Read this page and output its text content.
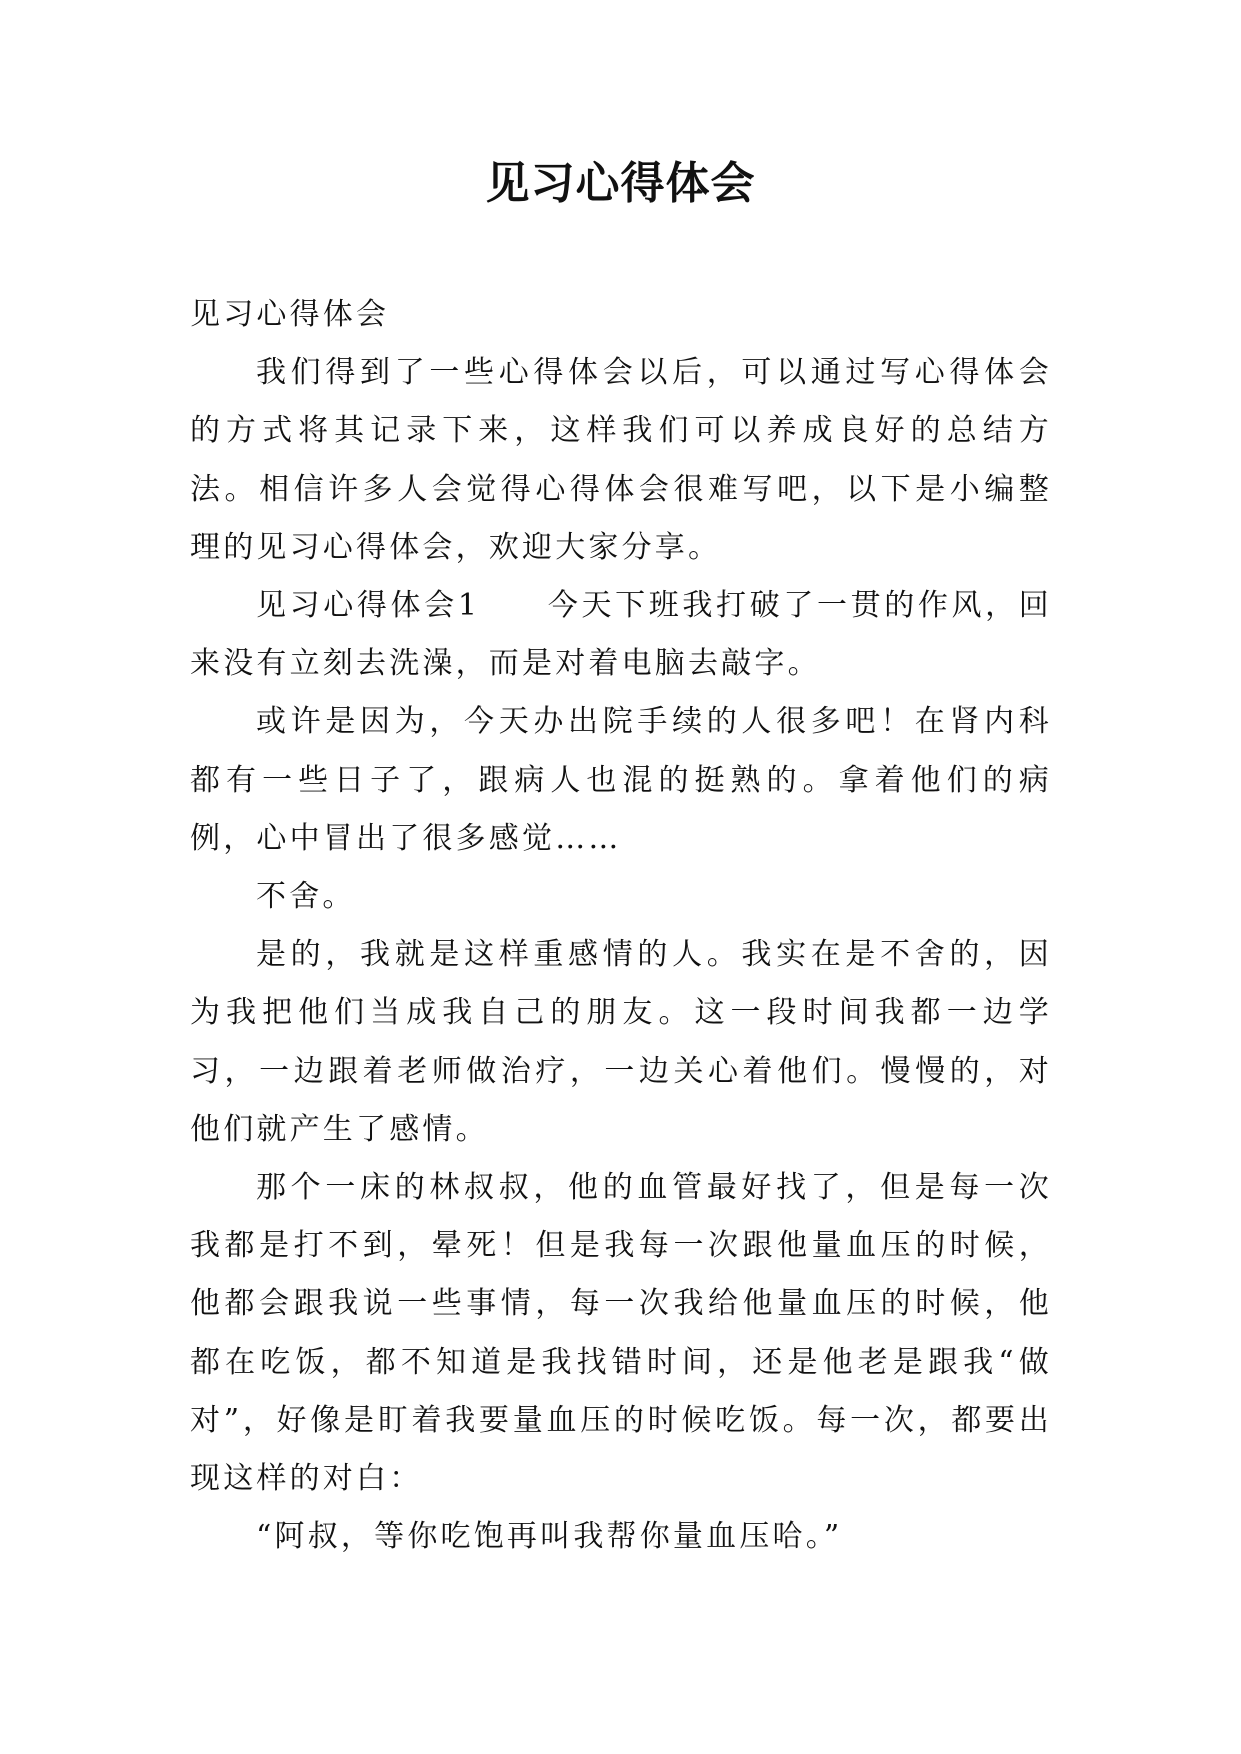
见习心得体会

见习心得体会

我们得到了一些心得体会以后，可以通过写心得体会的方式将其记录下来，这样我们可以养成良好的总结方法。相信许多人会觉得心得体会很难写吧，以下是小编整理的见习心得体会，欢迎大家分享。

见习心得体会1　　今天下班我打破了一贯的作风，回来没有立刻去洗澡，而是对着电脑去敲字。

或许是因为，今天办出院手续的人很多吧！在肾内科都有一些日子了，跟病人也混的挺熟的。拿着他们的病例，心中冒出了很多感觉……

不舍。

是的，我就是这样重感情的人。我实在是不舍的，因为我把他们当成我自己的朋友。这一段时间我都一边学习，一边跟着老师做治疗，一边关心着他们。慢慢的，对他们就产生了感情。

那个一床的林叔叔，他的血管最好找了，但是每一次我都是打不到，晕死！但是我每一次跟他量血压的时候，他都会跟我说一些事情，每一次我给他量血压的时候，他都在吃饭，都不知道是我找错时间，还是他老是跟我“做对”，好像是盯着我要量血压的时候吃饭。每一次，都要出现这样的对白：

“阿叔，等你吃饱再叫我帮你量血压哈。”
